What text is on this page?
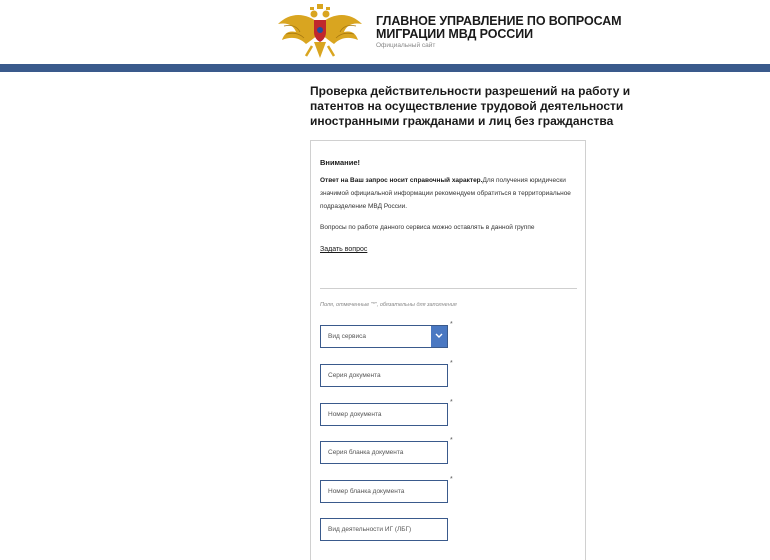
ГЛАВНОЕ УПРАВЛЕНИЕ ПО ВОПРОСАМ
МИГРАЦИИ МВД РОССИИ
Официальный сайт
Проверка действительности разрешений на работу и патентов на осуществление трудовой деятельности иностранными гражданами и лиц без гражданства
Внимание!
Ответ на Ваш запрос носит справочный характер.Для получения юридически значимой официальной информации рекомендуем обратиться в территориальное подразделение МВД России.
Вопросы по работе данного сервиса можно оставлять в данной группе
Задать вопрос
Поля, отмеченные "*", обязательны для заполнения
Вид сервиса
*
Серия документа
*
Номер документа
*
Серия бланка документа
*
Номер бланка документа
*
Вид деятельности ИГ (ЛБГ)
